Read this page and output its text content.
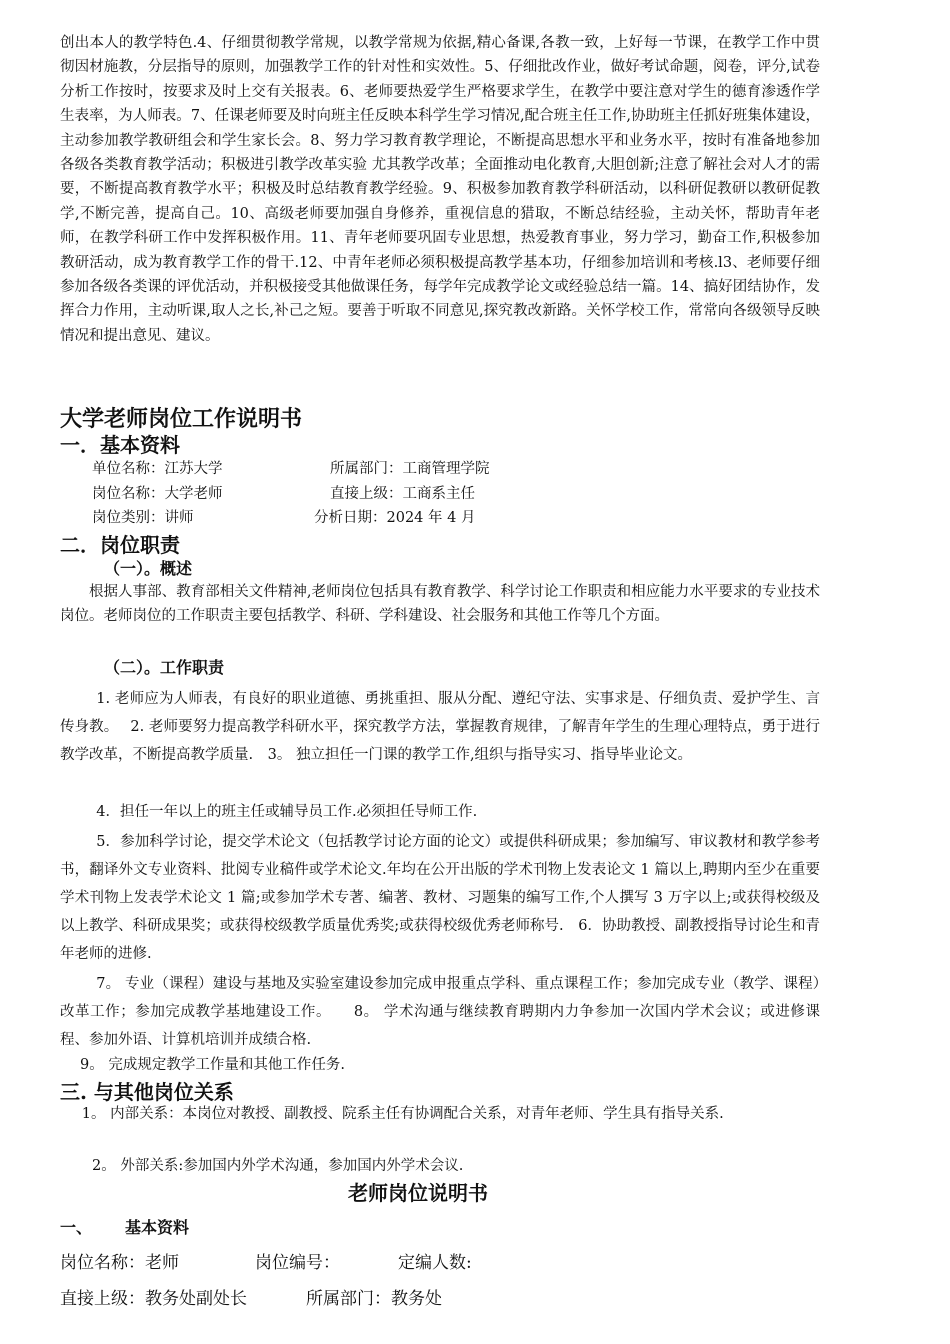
创出本人的教学特色.4、仔细贯彻教学常规，以教学常规为依据,精心备课,各教一致，上好每一节课，在教学工作中贯彻因材施教，分层指导的原则，加强教学工作的针对性和实效性。5、仔细批改作业，做好考试命题，阅卷，评分,试卷分析工作按时，按要求及时上交有关报表。6、老师要热爱学生严格要求学生，在教学中要注意对学生的德育渗透作学生表率，为人师表。7、任课老师要及时向班主任反映本科学生学习情况,配合班主任工作,协助班主任抓好班集体建设，主动参加教学教研组会和学生家长会。8、努力学习教育教学理论，不断提高思想水平和业务水平，按时有准备地参加各级各类教育教学活动；积极进引教学改革实验 尤其教学改革；全面推动电化教育,大胆创新;注意了解社会对人才的需要，不断提高教育教学水平；积极及时总结教育教学经验。9、积极参加教育教学科研活动，以科研促教研以教研促教学,不断完善，提高自己。10、高级老师要加强自身修养，重视信息的猎取，不断总结经验，主动关怀，帮助青年老师，在教学科研工作中发挥积极作用。11、青年老师要巩固专业思想，热爱教育事业，努力学习，勤奋工作,积极参加教研活动，成为教育教学工作的骨干.12、中青年老师必须积极提高教学基本功，仔细参加培训和考核.l3、老师要仔细参加各级各类课的评优活动，并积极接受其他做课任务，每学年完成教学论文或经验总结一篇。14、搞好团结协作，发挥合力作用，主动听课,取人之长,补己之短。要善于听取不同意见,探究教改新路。关怀学校工作，常常向各级领导反映情况和提出意见、建议。
大学老师岗位工作说明书
一．基本资料
单位名称：江苏大学	所属部门：工商管理学院
岗位名称：大学老师	直接上级：工商系主任
岗位类别：讲师	分析日期：2024 年 4 月
二．岗位职责
（一）。概述
根据人事部、教育部相关文件精神,老师岗位包括具有教育教学、科学讨论工作职责和相应能力水平要求的专业技术岗位。老师岗位的工作职责主要包括教学、科研、学科建设、社会服务和其他工作等几个方面。
（二）。工作职责
1. 老师应为人师表，有良好的职业道德、勇挑重担、服从分配、遵纪守法、实事求是、仔细负责、爱护学生、言传身教。　 2. 老师要努力提高教学科研水平，探究教学方法，掌握教育规律，了解青年学生的生理心理特点，勇于进行教学改革，不断提高教学质量.　3。 独立担任一门课的教学工作,组织与指导实习、指导毕业论文。
4．担任一年以上的班主任或辅导员工作.必须担任导师工作.
5．参加科学讨论，提交学术论文（包括教学讨论方面的论文）或提供科研成果；参加编写、审议教材和教学参考书，翻译外文专业资料、批阅专业稿件或学术论文.年均在公开出版的学术刊物上发表论文 1 篇以上,聘期内至少在重要学术刊物上发表学术论文 1 篇;或参加学术专著、编著、教材、习题集的编写工作,个人撰写 3 万字以上;或获得校级及以上教学、科研成果奖；或获得校级教学质量优秀奖;或获得校级优秀老师称号.　6．协助教授、副教授指导讨论生和青年老师的进修.
7。 专业（课程）建设与基地及实验室建设参加完成申报重点学科、重点课程工作；参加完成专业（教学、课程）改革工作；参加完成教学基地建设工作。　　8。 学术沟通与继续教育聘期内力争参加一次国内学术会议；或进修课程、参加外语、计算机培训并成绩合格.
9。 完成规定教学工作量和其他工作任务.
三. 与其他岗位关系
1。 内部关系：本岗位对教授、副教授、院系主任有协调配合关系，对青年老师、学生具有指导关系.
2。 外部关系:参加国内外学术沟通，参加国内外学术会议.
老师岗位说明书
一、 基本资料
岗位名称：老师	岗位编号：	定编人数:
直接上级：教务处副处长	所属部门：教务处
